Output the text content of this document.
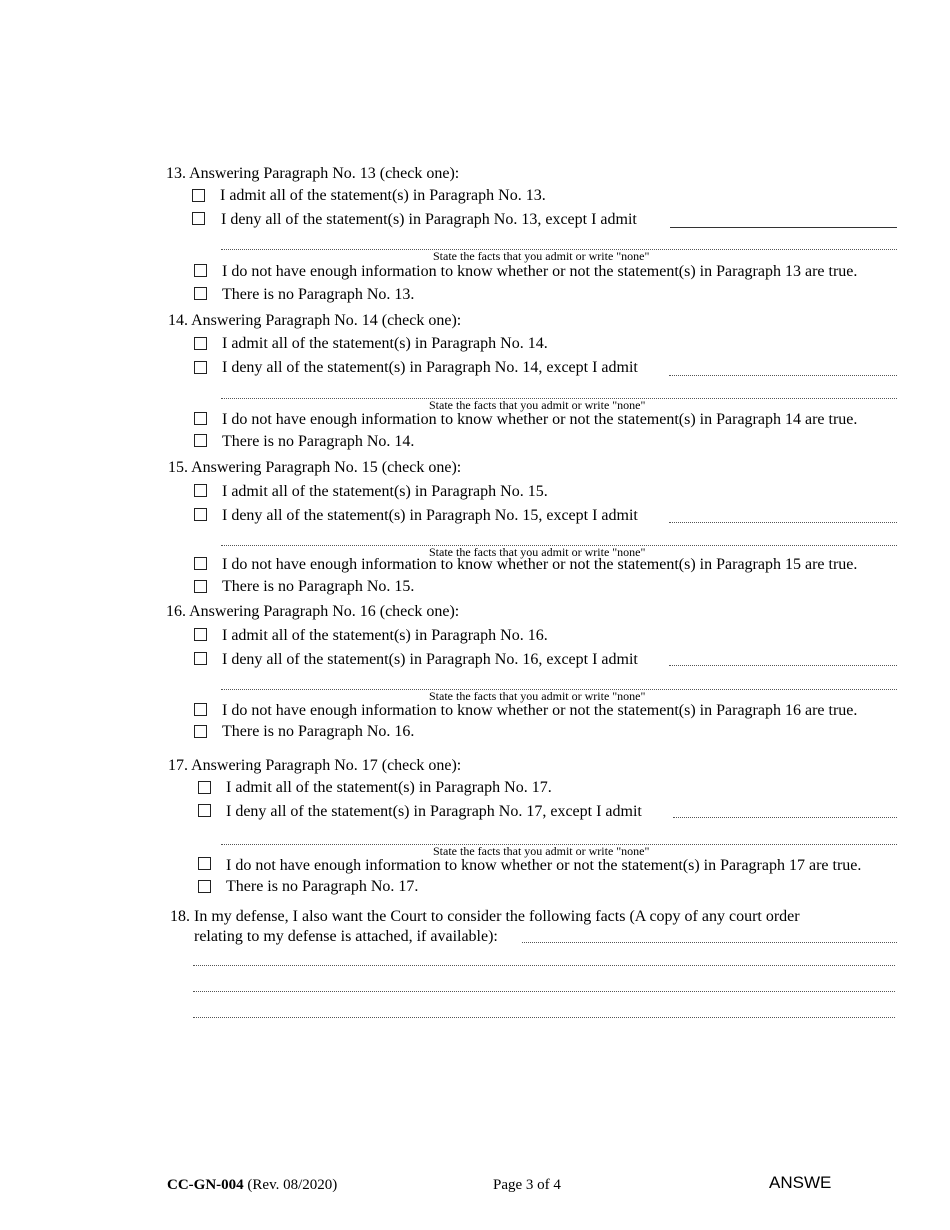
13. Answering Paragraph No. 13 (check one):
I admit all of the statement(s) in Paragraph No. 13.
I deny all of the statement(s) in Paragraph No. 13, except I admit
State the facts that you admit or write "none"
I do not have enough information to know whether or not the statement(s) in Paragraph 13 are true.
There is no Paragraph No. 13.
14. Answering Paragraph No. 14 (check one):
I admit all of the statement(s) in Paragraph No. 14.
I deny all of the statement(s) in Paragraph No. 14, except I admit
State the facts that you admit or write "none"
I do not have enough information to know whether or not the statement(s) in Paragraph 14 are true.
There is no Paragraph No. 14.
15. Answering Paragraph No. 15 (check one):
I admit all of the statement(s) in Paragraph No. 15.
I deny all of the statement(s) in Paragraph No. 15, except I admit
State the facts that you admit or write "none"
I do not have enough information to know whether or not the statement(s) in Paragraph 15 are true.
There is no Paragraph No. 15.
16. Answering Paragraph No. 16 (check one):
I admit all of the statement(s) in Paragraph No. 16.
I deny all of the statement(s) in Paragraph No. 16, except I admit
State the facts that you admit or write "none"
I do not have enough information to know whether or not the statement(s) in Paragraph 16 are true.
There is no Paragraph No. 16.
17. Answering Paragraph No. 17 (check one):
I admit all of the statement(s) in Paragraph No. 17.
I deny all of the statement(s) in Paragraph No. 17, except I admit
State the facts that you admit or write "none"
I do not have enough information to know whether or not the statement(s) in Paragraph 17 are true.
There is no Paragraph No. 17.
18. In my defense, I also want the Court to consider the following facts (A copy of any court order
relating to my defense is attached, if available):
CC-GN-004 (Rev. 08/2020)	Page 3 of 4	ANSWE
